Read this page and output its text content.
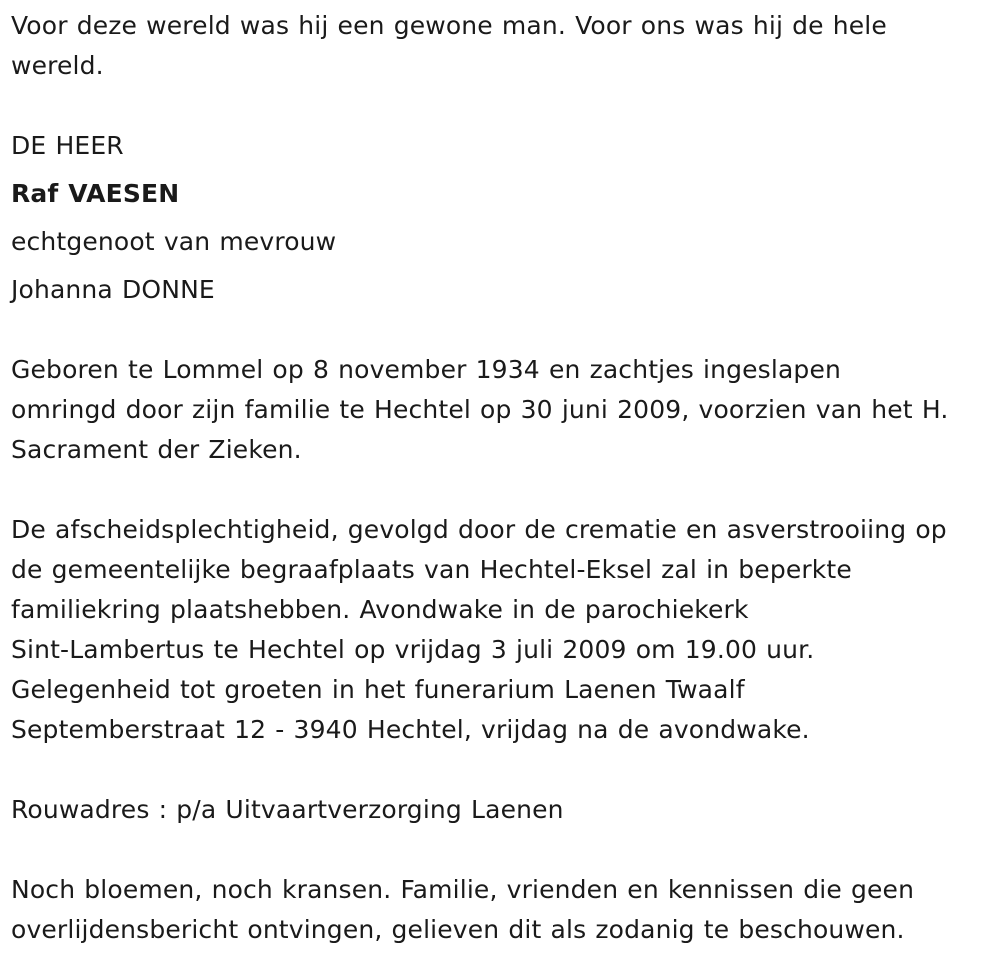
Voor deze wereld was hij een gewone man. Voor ons was hij de hele
wereld.

DE HEER

Raf VAESEN

echtgenoot van mevrouw

Johanna DONNE

Geboren te Lommel op 8 november 1934 en zachtjes ingeslapen
omringd door zijn familie te Hechtel op 30 juni 2009, voorzien van het H.
Sacrament der Zieken.

De afscheidsplechtigheid, gevolgd door de crematie en asverstrooiing op
de gemeentelijke begraafplaats van Hechtel-Eksel zal in beperkte
familiekring plaatshebben. Avondwake in de parochiekerk
Sint-Lambertus te Hechtel op vrijdag 3 juli 2009 om 19.00 uur.
Gelegenheid tot groeten in het funerarium Laenen Twaalf
Septemberstraat 12 - 3940 Hechtel, vrijdag na de avondwake.

Rouwadres : p/a Uitvaartverzorging Laenen

Noch bloemen, noch kransen. Familie, vrienden en kennissen die geen
overlijdensbericht ontvingen, gelieven dit als zodanig te beschouwen.
